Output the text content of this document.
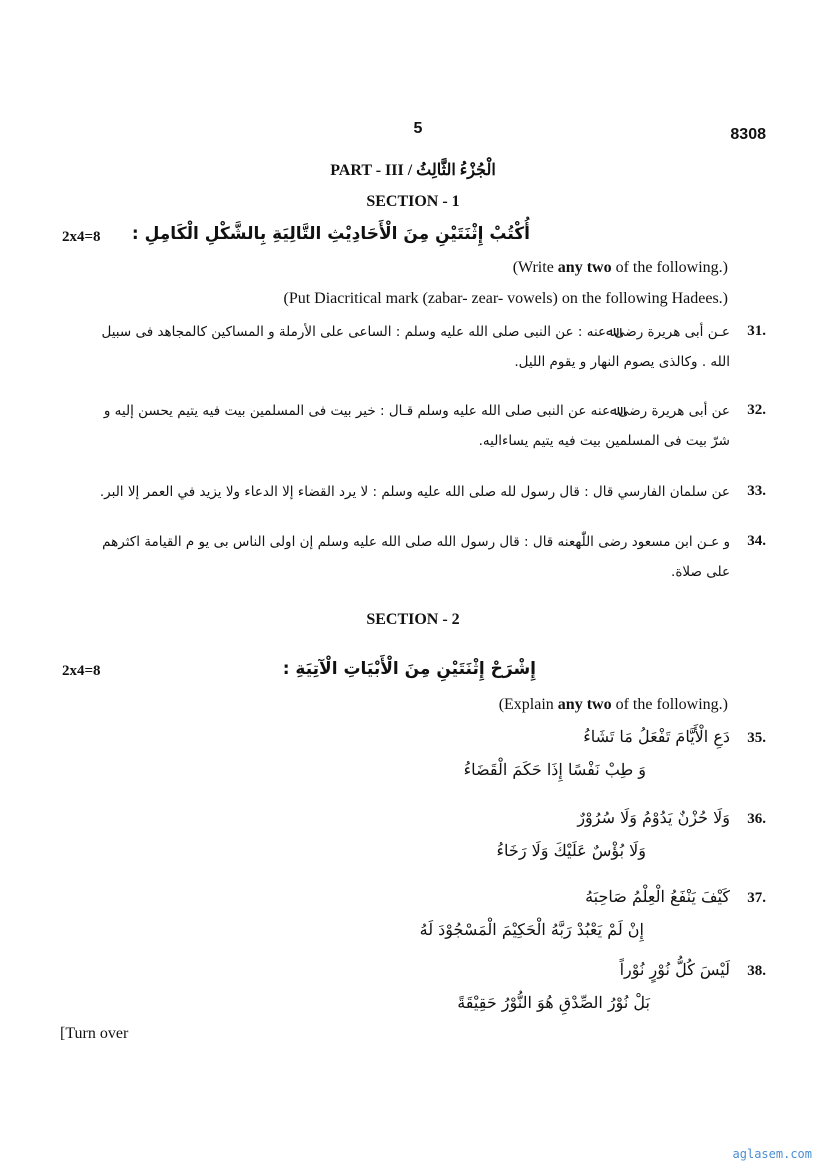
5	8308
PART - III / الْجُزْءُ الثَّالِثُ
SECTION - 1
2x4=8	أُكْتُبْ إِثْنَتَيْنِ مِنَ الْأَحَادِيْثِ التَّالِيَةِ بِالشَّكْلِ الْكَامِلِ :
(Write any two of the following.)
(Put Diacritical mark (zabar- zear- vowels) on the following Hadees.)
31.
عـن أبى هريرة رضىﷲعنه : عن النبى صلى الله عليه وسلم : الساعى على الأرملة و المساكين كالمجاهد فى سبيل
الله . وكالذى يصوم النهار و يقوم الليل.
32.
عن أبى هريرة رضىﷲعنه عن النبى صلى الله عليه وسلم قـال : خير بيت فى المسلمين بيت فيه يتيم يحسن إليه و
شرّ بيت فى المسلمين بيت فيه يتيم يساءاليه.
33.
عن سلمان الفارسي قال : قال رسول لله صلى الله عليه وسلم : لا يرد القضاء إلا الدعاء ولا يزيد في العمر إلا البر.
34.
و عـن ابن مسعود رضى اللّٰهعنه قال : قال رسول الله صلى الله عليه وسلم إن اولى الناس بى يو م القيامة اكثرهم
على صلاة.
SECTION - 2
2x4=8	إِشْرَحْ إِثْنَتَيْنِ مِنَ الْأَبْيَاتِ الْآتِيَةِ :
(Explain any two of the following.)
35.
دَعِ الْأَيَّامَ تَفْعَلُ مَا تَشَاءُ
وَ طِبْ نَفْسًا إِذَا حَكَمَ الْقَضَاءُ
36.
وَلَا حُزْنٌ يَدُوْمُ وَلَا سُرُوْرٌ
وَلَا بُؤْسٌ عَلَيْكَ وَلَا رَخَاءُ
37.
كَيْفَ يَنْفَعُ الْعِلْمُ صَاحِبَهُ
إِنْ لَمْ يَعْبُدْ رَبَّهُ الْحَكِيْمَ الْمَسْجُوْدَ لَهُ
38.
لَيْسَ كُلُّ نُوْرٍ نُوْراً
بَلْ نُوْرُ الصِّدْقِ هُوَ النُّوْرُ حَقِيْقَةً
[Turn over
aglasem.com
